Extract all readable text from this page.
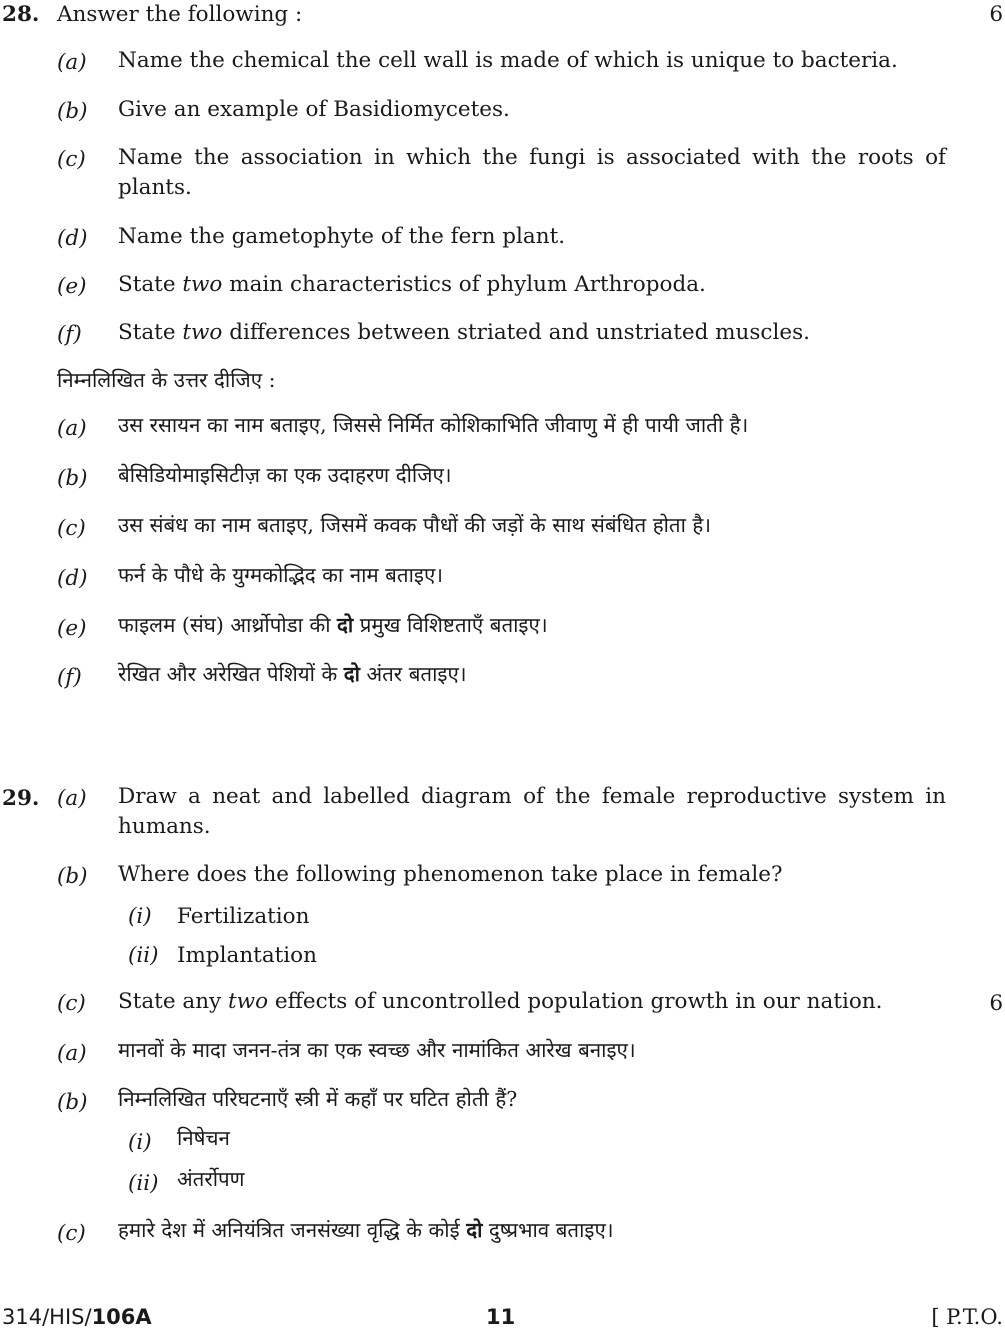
28. Answer the following :	6
(a) Name the chemical the cell wall is made of which is unique to bacteria.
(b) Give an example of Basidiomycetes.
(c) Name the association in which the fungi is associated with the roots of plants.
(d) Name the gametophyte of the fern plant.
(e) State two main characteristics of phylum Arthropoda.
(f) State two differences between striated and unstriated muscles.
निम्नलिखित के उत्तर दीजिए :
(a) उस रसायन का नाम बताइए, जिससे निर्मित कोशिकाभिति जीवाणु में ही पायी जाती है।
(b) बेसिडियोमाइसिटीज़ का एक उदाहरण दीजिए।
(c) उस संबंध का नाम बताइए, जिसमें कवक पौधों की जड़ों के साथ संबंधित होता है।
(d) फर्न के पौधे के युग्मकोद्भिद का नाम बताइए।
(e) फाइलम (संघ) आर्थ्रोपोडा की दो प्रमुख विशिष्टताएँ बताइए।
(f) रेखित और अरेखित पेशियों के दो अंतर बताइए।
29. (a) Draw a neat and labelled diagram of the female reproductive system in humans.
(b) Where does the following phenomenon take place in female?
(i) Fertilization
(ii) Implantation
(c) State any two effects of uncontrolled population growth in our nation.	6
(a) मानवों के मादा जनन-तंत्र का एक स्वच्छ और नामांकित आरेख बनाइए।
(b) निम्नलिखित परिघटनाएँ स्त्री में कहाँ पर घटित होती हैं?
(i) निषेचन
(ii) अंतर्रोपण
(c) हमारे देश में अनियंत्रित जनसंख्या वृद्धि के कोई दो दुष्प्रभाव बताइए।
314/HIS/106A	11	[ P.T.O.
